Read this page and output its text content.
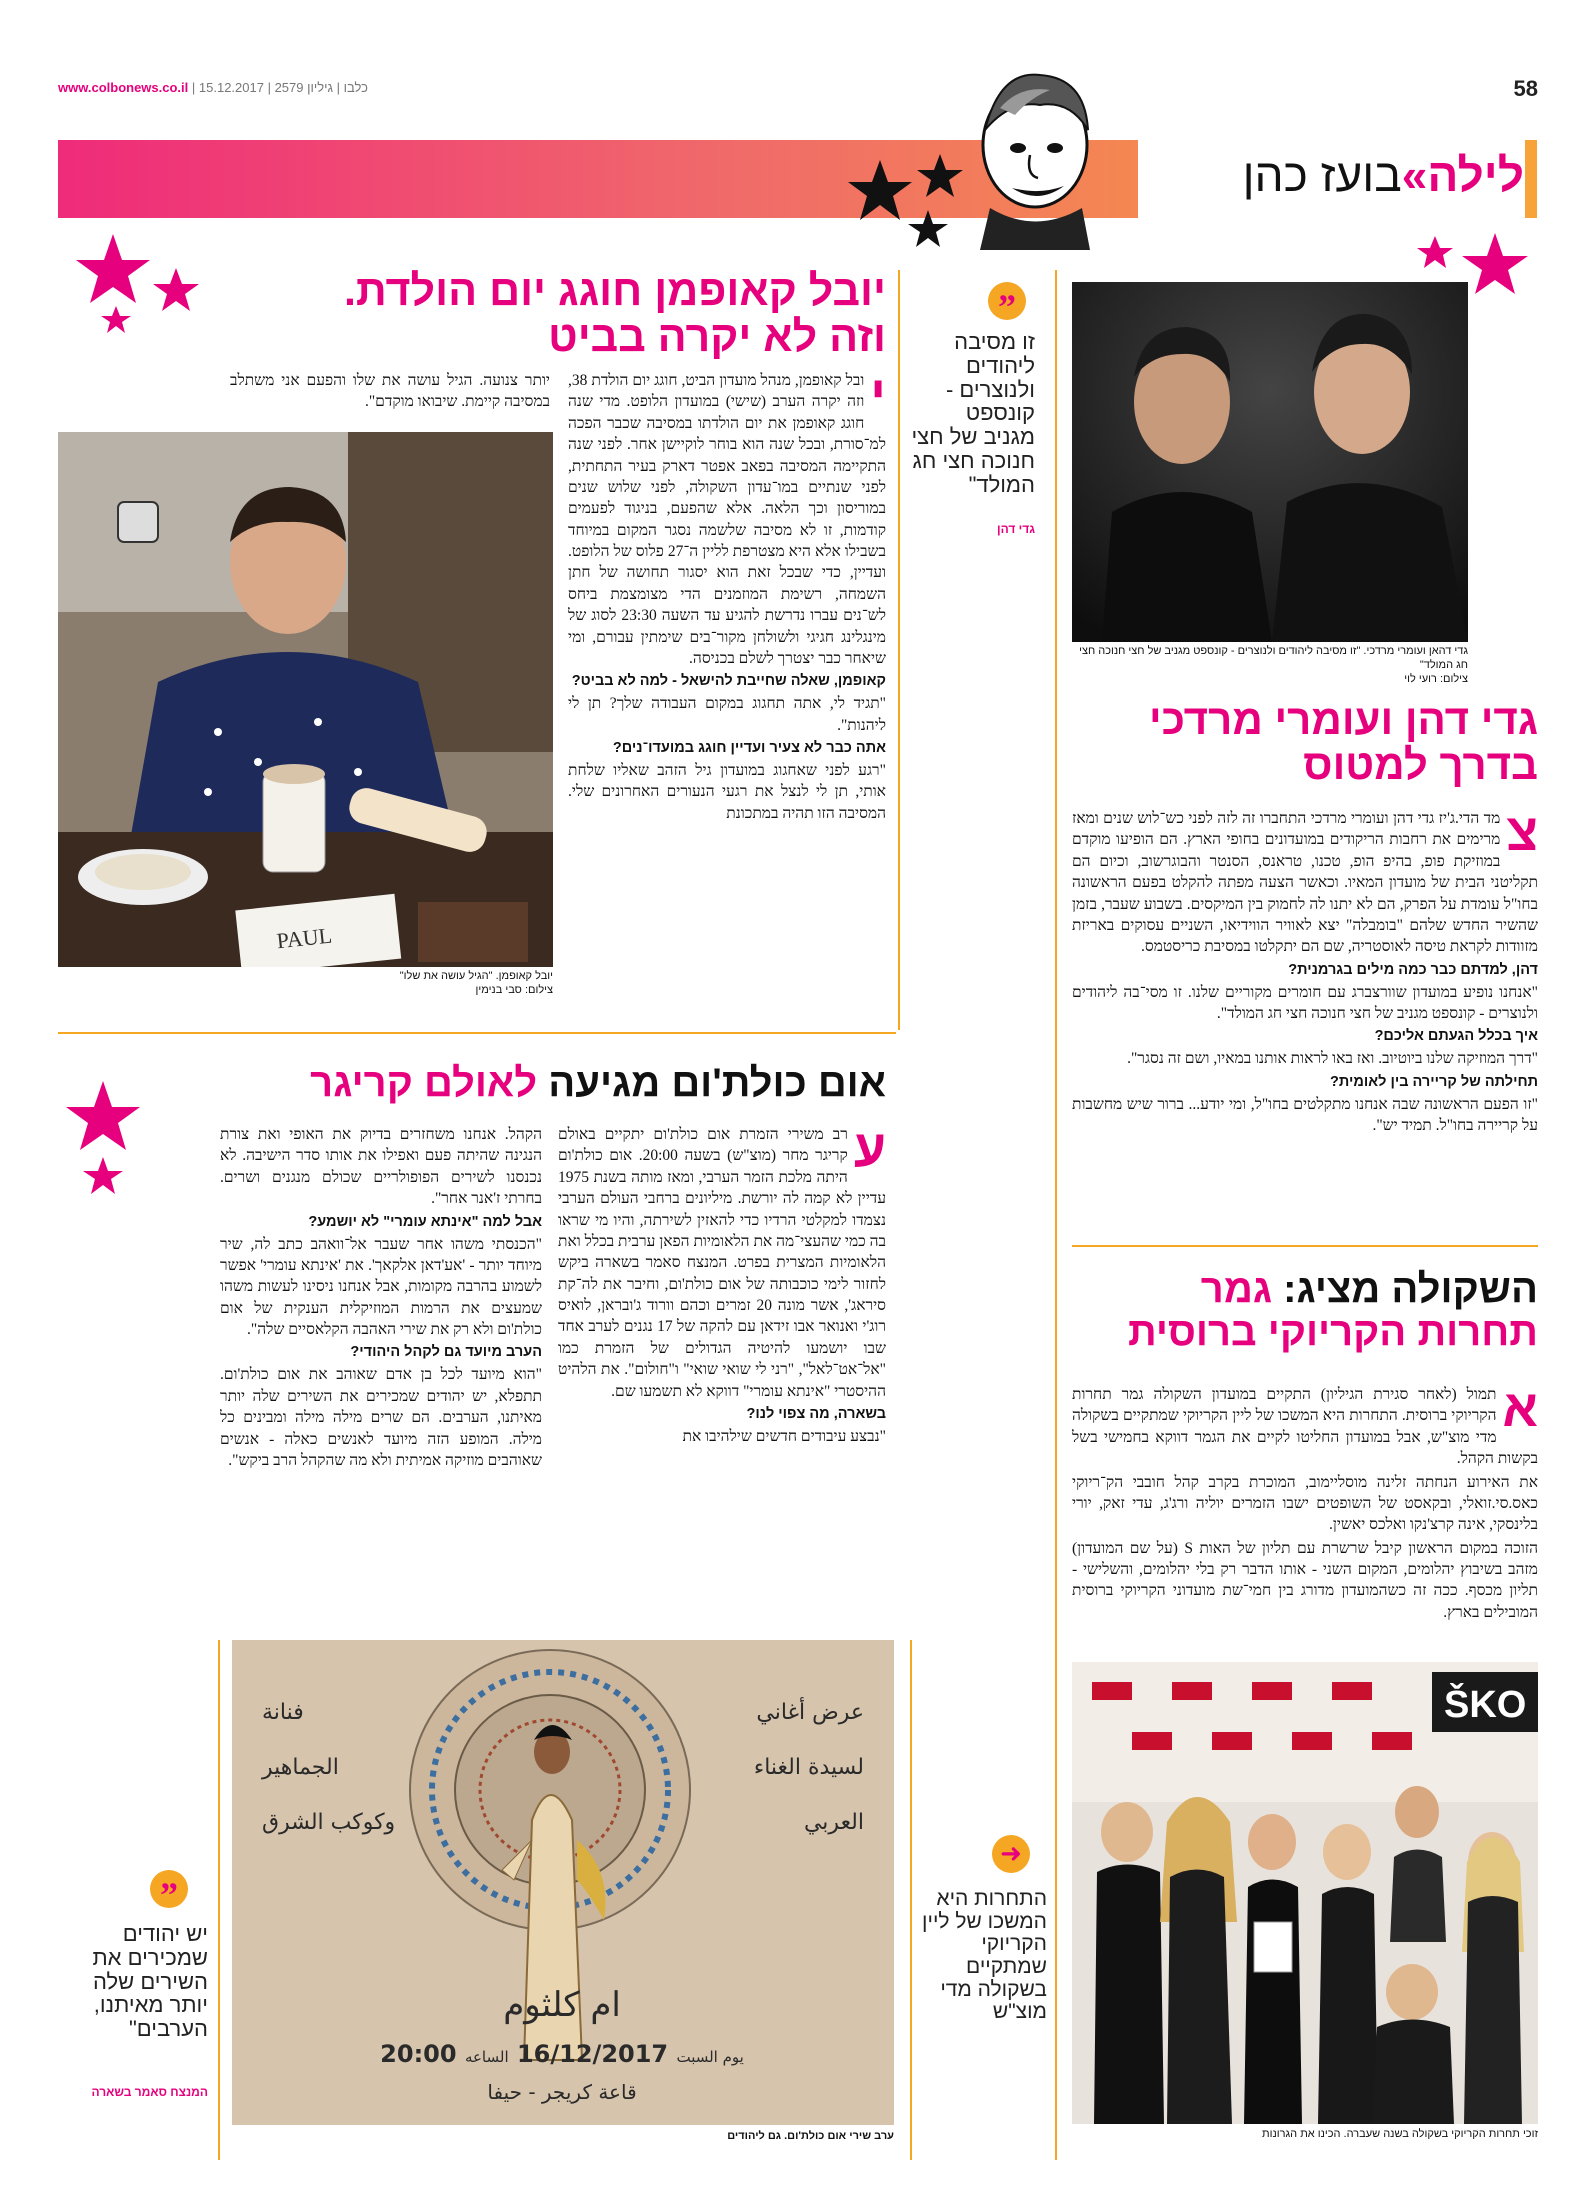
www.colbonews.co.il | כלבו | גיליון 2579 | 15.12.2017	58
לילה»בועז כהן
גדי דהאן ועומרי מרדכי. "זו מסיבה ליהודים ולנוצרים - קונספט מגניב של חצי חנוכה חצי חג המולד"
צילום: רועי לוי
גדי דהן ועומרי מרדכי
בדרך למטוס
צ

מד הדי.ג'יז גדי דהן ועומרי מרדכי התחברו זה לזה לפני כש־לוש שנים ומאז מרימים את רחבות הריקודים במועדונים בחופי הארץ. הם הופיעו מוקדם במוזיקת פופ, בהיפ הופ, טכנו, טראנס, הסנטר והבוגרשוב, וכיום הם תקליטני הבית של מועדון המאיו. וכאשר הצעה מפתה להקלט בפעם הראשונה בחו"ל עומדת על הפרק, הם לא יתנו לה לחמוק בין המיקסים. בשבוע שעבר, בזמן שהשיר החדש שלהם "בומבלה" יצא לאוויר הווידיאו, השניים עסוקים באריזת מזוודות לקראת טיסה לאוסטריה, שם הם יתקלטו במסיבת כריסטמס.

דהן, למדתם כבר כמה מילים בגרמנית?

"אנחנו נופיע במועדון שוורצברג עם חומרים מקוריים שלנו. זו מסי־בה ליהודים ולנוצרים - קונספט מגניב של חצי חנוכה חצי חג המולד".

איך בכלל הגעתם אליכם?

"דרך המוזיקה שלנו ביוטיוב. ואז באו לראות אותנו במאיו, ושם זה נסגר".

תחילתה של קריירה בין לאומית?

"זו הפעם הראשונה שבה אנחנו מתקלטים בחו"ל, ומי יודע... ברור שיש מחשבות על קריירה בחו"ל. תמיד יש".

”
זו מסיבה ליהודים ולנוצרים - קונספט מגניב של חצי חנוכה חצי חג המולד"
גדי דהן
יובל קאופמן חוגג יום הולדת.
וזה לא יקרה בביט
י

ובל קאופמן, מנהל מועדון הביט, חוגג יום הולדת 38, וזה יקרה הערב (שישי) במועדון הלופט. מדי שנה חוגג קאופמן את יום הולדתו במסיבה שכבר הפכה למ־סורת, ובכל שנה הוא בוחר לוקיישן אחר. לפני שנה התקיימה המסיבה בפאב אפטר דארק בעיר התחתית, לפני שנתיים במו־עדון השקולה, לפני שלוש שנים במוריסון וכך הלאה. אלא שהפעם, בניגוד לפעמים קודמות, זו לא מסיבה שלשמה נסגר המקום במיוחד בשבילו אלא היא מצטרפת לליין ה־27 פלוס של הלופט. ועדיין, כדי שבכל זאת הוא יסגור תחושה של חתן השמחה, רשימת המוזמנים הדי מצומצמת ביחס לש־נים עברו נדרשת להגיע עד השעה 23:30 לסוג של מינגלינג חגיגי ולשולחן מקור־בים שימתין עבורם, ומי שיאחר כבר יצטרך לשלם בכניסה.

קאופמן, שאלה שחייבת להישאל - למה לא בביט?

"תגיד לי, אתה תחגוג במקום העבודה שלך? תן לי ליהנות".

אתה כבר לא צעיר ועדיין חוגג במועדו־נים?

"רגע לפני שאחגוג במועדון גיל הזהב שאליו שלחת אותי, תן לי לנצל את רגעי הנעורים האחרונים שלי. המסיבה הזו תהיה במתכונת

יותר צנועה. הגיל עושה את שלו והפעם אני משתלב במסיבה קיימת. שיבואו מוקדם".
PAUL
יובל קאופמן. "הגיל עושה את שלו"
צילום: סבי בנימין
אום כולת'ום מגיעה לאולם קריגר
ע

רב משירי הזמרת אום כולת'ום יתקיים באולם קריגר מחר (מוצ"ש) בשעה 20:00. אום כולת'ום היתה מלכת הזמר הערבי, ומאז מותה בשנת 1975 עדיין לא קמה לה יורשת. מיליונים ברחבי העולם הערבי נצמדו למקלטי הרדיו כדי להאזין לשירתה, והיו מי שראו בה כמי שהעצי־מה את הלאומיות הפאן ערבית בכלל ואת הלאומיות המצרית בפרט. המנצח סאמר בשארה ביקש לחזור לימי כוכבותה של אום כולת'ום, וחיבר את לה־קת סיראג', אשר מונה 20 זמרים וכהם וורוד ג'ובראן, לואיס רוג'י ואנואר אבו זידאן עם להקה של 17 נגנים לערב אחד שבו יושמעו להיטיה הגדולים של הזמרת כמו "אל־אט־לאל", "רני לי שואי שואי" ו"חולום". את הלהיט ההיסטרי "אינתא עומרי" דווקא לא תשמעו שם.

בשארה, מה צפוי לנו?

"נבצע עיבודים חדשים שילהיבו את

הקהל. אנחנו משחזרים בדיוק את האופי ואת צורת הנגינה שהיתה פעם ואפילו את אותו סדר הישיבה. לא נכנסנו לשירים הפופולריים שכולם מנגנים ושרים. בחרתי ז'אנר אחר".

אבל למה "אינתא עומרי" לא יושמע?

"הכנסתי משהו אחר שעבר אל־וואהב כתב לה, שיר מיוחד יותר - 'אע'דאן אלקאך'. את 'אינתא עומרי' אפשר לשמוע בהרבה מקומות, אבל אנחנו ניסינו לעשות משהו שמעצים את הרמות המוזיקלית הענקית של אום כולת'ום ולא רק את שירי האהבה הקלאסיים שלה".

הערב מיועד גם לקהל היהודי?

"הוא מיועד לכל בן אדם שאוהב את אום כולת'ום. תתפלא, יש יהודים שמכירים את השירים שלה יותר מאיתנו, הערבים. הם שרים מילה מילה ומבינים כל מילה. המופע הזה מיועד לאנשים כאלה - אנשים שאוהבים מוזיקה אמיתית ולא מה שהקהל הרב ביקש".

عرض أغاني
لسيدة الغناء
العربي
فنانة
الجماهير
وكوكب الشرق
ام كلثوم
يوم السبت 16/12/2017 الساعه 20:00
قاعة كريجر - حيفا
ערב שירי אום כולת'ום. גם ליהודים
”
יש יהודים שמכירים את השירים שלה יותר מאיתנו, הערבים"
המנצח סאמר בשארה
השקולה מציג: גמר
תחרות הקריוקי ברוסית
א

תמול (לאחר סגירת הגיליון) התקיים במועדון השקולה גמר תחרות הקריוקי ברוסית. התחרות היא המשכו של ליין הקריוקי שמתקיים בשקולה מדי מוצ"ש, אבל במועדון החליטו לקיים את הגמר דווקא בחמישי בשל בקשות הקהל.

את האירוע הנחתה זלינה מוסליימוב, המוכרת בקרב קהל חובבי הק־ריוקי כאס.סי.זואלי, ובקאסט של השופטים ישבו הזמרים יוליה ורג'ג, עדי זאק, יורי בלינסקי, אינה קרצ'נקו ואלכס יאשין.

הזוכה במקום הראשון קיבל שרשרת עם תליון של האות S (על שם המועדון) מזהב בשיבוץ יהלומים, המקום השני - אותו הדבר רק בלי יהלומים, והשלישי - תליון מכסף. ככה זה כשהמועדון מדורג בין חמי־שת מועדוני הקריוקי ברוסית המובילים בארץ.

ŠKO
זוכי תחרות הקריוקי בשקולה בשנה שעברה. הכינו את הגרונות
➜
התחרות היא המשכו של ליין הקריוקי שמתקיים בשקולה מדי מוצ"ש
